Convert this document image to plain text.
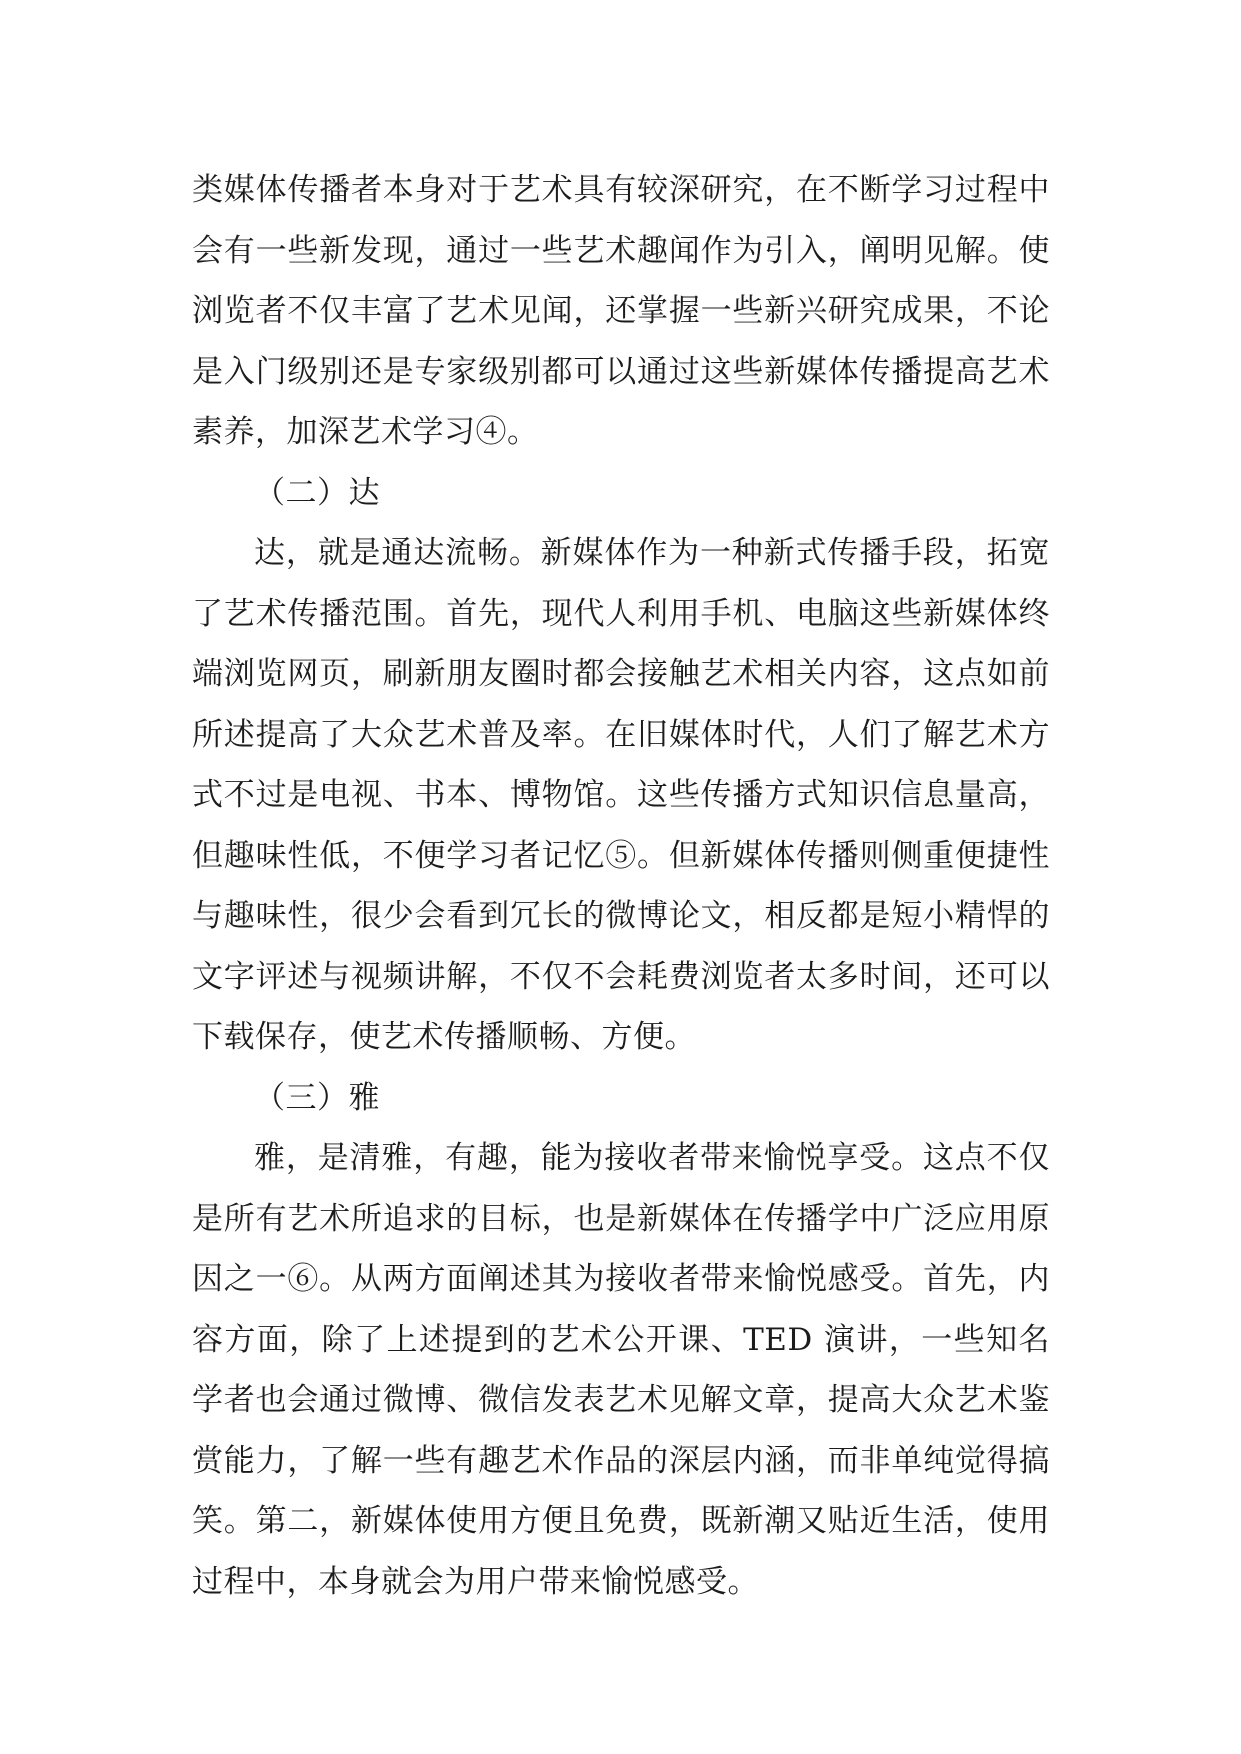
类媒体传播者本身对于艺术具有较深研究，在不断学习过程中会有一些新发现，通过一些艺术趣闻作为引入，阐明见解。使浏览者不仅丰富了艺术见闻，还掌握一些新兴研究成果，不论是入门级别还是专家级别都可以通过这些新媒体传播提高艺术素养，加深艺术学习④。

（二）达

达，就是通达流畅。新媒体作为一种新式传播手段，拓宽了艺术传播范围。首先，现代人利用手机、电脑这些新媒体终端浏览网页，刷新朋友圈时都会接触艺术相关内容，这点如前所述提高了大众艺术普及率。在旧媒体时代，人们了解艺术方式不过是电视、书本、博物馆。这些传播方式知识信息量高，但趣味性低，不便学习者记忆⑤。但新媒体传播则侧重便捷性与趣味性，很少会看到冗长的微博论文，相反都是短小精悍的文字评述与视频讲解，不仅不会耗费浏览者太多时间，还可以下载保存，使艺术传播顺畅、方便。

（三）雅

雅，是清雅，有趣，能为接收者带来愉悦享受。这点不仅是所有艺术所追求的目标，也是新媒体在传播学中广泛应用原因之一⑥。从两方面阐述其为接收者带来愉悦感受。首先，内容方面，除了上述提到的艺术公开课、TED 演讲，一些知名学者也会通过微博、微信发表艺术见解文章，提高大众艺术鉴赏能力，了解一些有趣艺术作品的深层内涵，而非单纯觉得搞笑。第二，新媒体使用方便且免费，既新潮又贴近生活，使用过程中，本身就会为用户带来愉悦感受。
